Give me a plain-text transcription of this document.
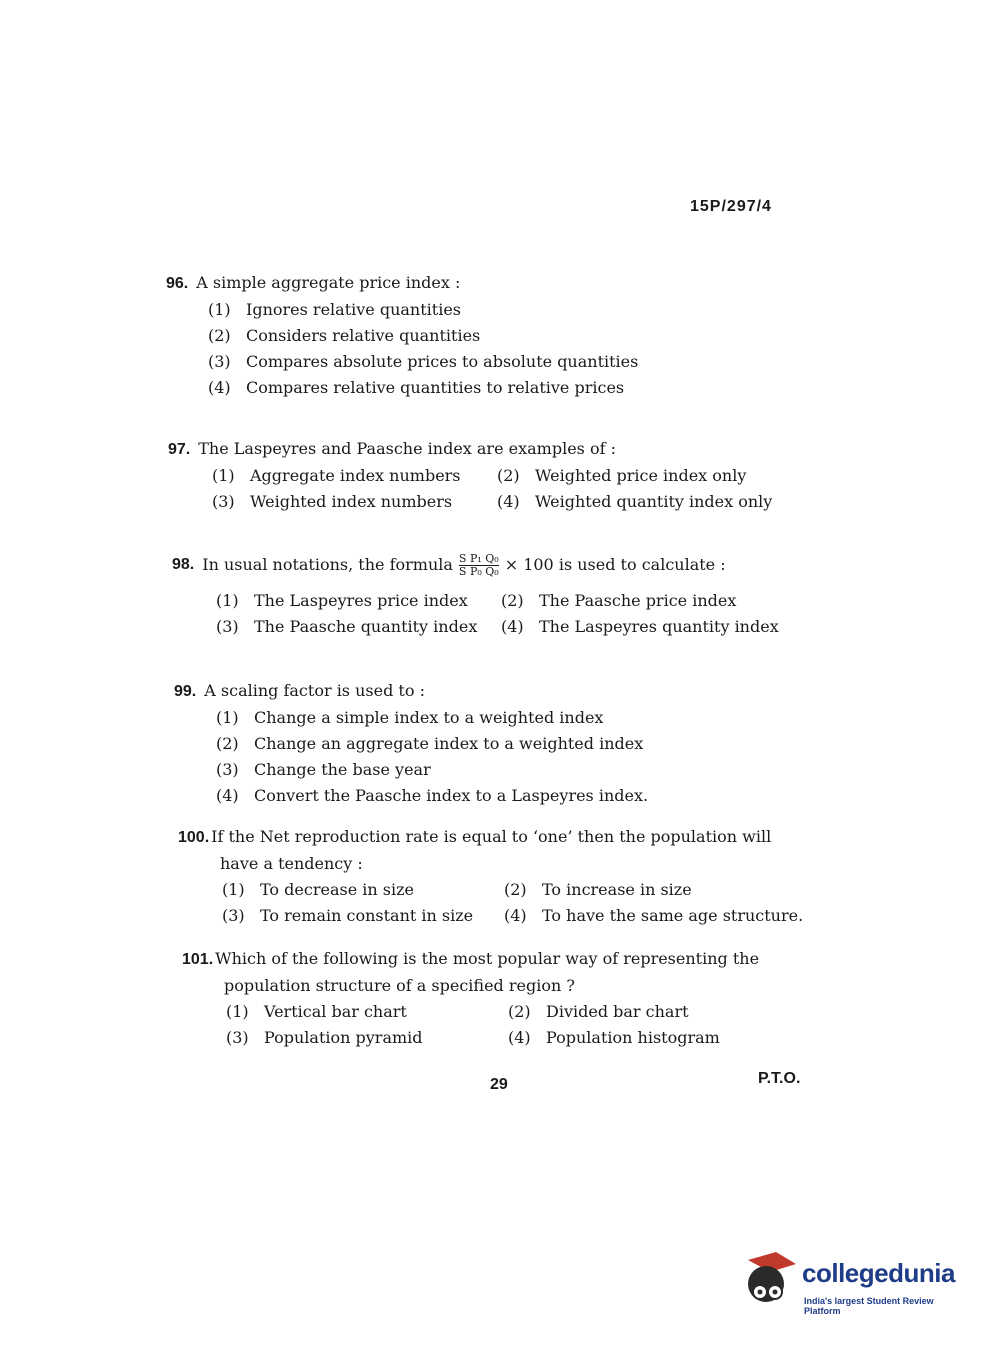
15P/297/4
96. A simple aggregate price index :
(1) Ignores relative quantities
(2) Considers relative quantities
(3) Compares absolute prices to absolute quantities
(4) Compares relative quantities to relative prices
97. The Laspeyres and Paasche index are examples of :
(1) Aggregate index numbers (2) Weighted price index only
(3) Weighted index numbers	(4) Weighted quantity index only
98. In usual notations, the formula $\frac{\text{S P₁ Q₀}}{\text{S P₀ Q₀}} \times 100$ is used to calculate :
(1) The Laspeyres price index (2) The Paasche price index
(3) The Paasche quantity index (4) The Laspeyres quantity index
99. A scaling factor is used to :
(1) Change a simple index to a weighted index
(2) Change an aggregate index to a weighted index
(3) Change the base year
(4) Convert the Paasche index to a Laspeyres index.
100. If the Net reproduction rate is equal to ‘one’ then the population will
have a tendency :
(1) To decrease in size	(2) To increase in size
(3) To remain constant in size (4) To have the same age structure.
101. Which of the following is the most popular way of representing the
population structure of a specified region ?
(1) Vertical bar chart	(2) Divided bar chart
(3) Population pyramid	(4) Population histogram
29	P.T.O.
collegedunia
India's largest Student Review Platform
